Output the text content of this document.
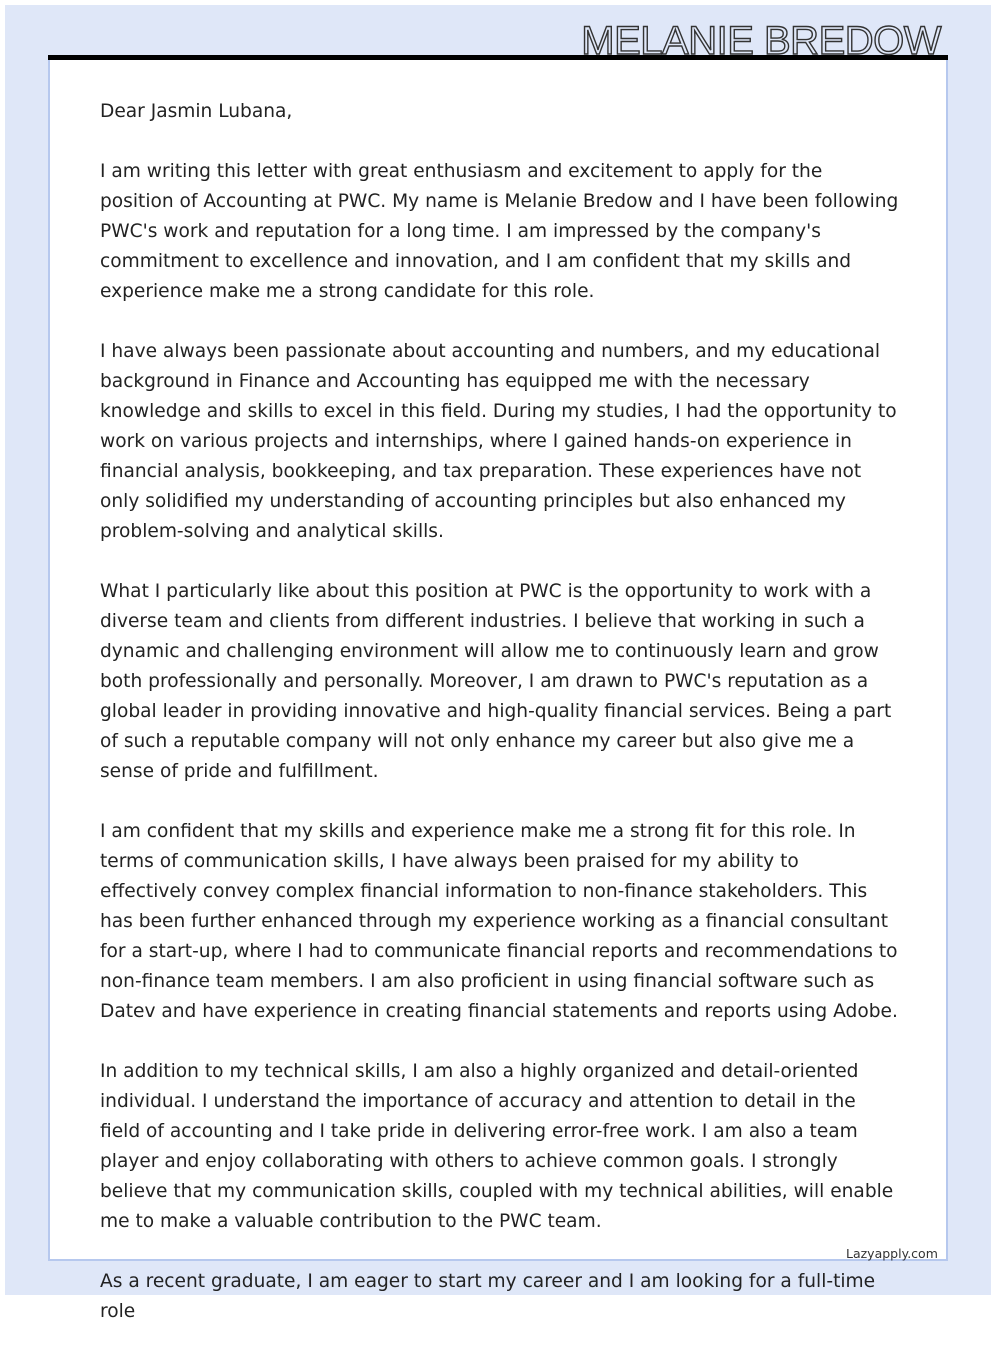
MELANIE BREDOW

Dear Jasmin Lubana,

I am writing this letter with great enthusiasm and excitement to apply for the position of Accounting at PWC. My name is Melanie Bredow and I have been following PWC's work and reputation for a long time. I am impressed by the company's commitment to excellence and innovation, and I am confident that my skills and experience make me a strong candidate for this role.

I have always been passionate about accounting and numbers, and my educational background in Finance and Accounting has equipped me with the necessary knowledge and skills to excel in this field. During my studies, I had the opportunity to work on various projects and internships, where I gained hands-on experience in financial analysis, bookkeeping, and tax preparation. These experiences have not only solidified my understanding of accounting principles but also enhanced my problem-solving and analytical skills.

What I particularly like about this position at PWC is the opportunity to work with a diverse team and clients from different industries. I believe that working in such a dynamic and challenging environment will allow me to continuously learn and grow both professionally and personally. Moreover, I am drawn to PWC's reputation as a global leader in providing innovative and high-quality financial services. Being a part of such a reputable company will not only enhance my career but also give me a sense of pride and fulfillment.

I am confident that my skills and experience make me a strong fit for this role. In terms of communication skills, I have always been praised for my ability to effectively convey complex financial information to non-finance stakeholders. This has been further enhanced through my experience working as a financial consultant for a start-up, where I had to communicate financial reports and recommendations to non-finance team members. I am also proficient in using financial software such as Datev and have experience in creating financial statements and reports using Adobe.

In addition to my technical skills, I am also a highly organized and detail-oriented individual. I understand the importance of accuracy and attention to detail in the field of accounting and I take pride in delivering error-free work. I am also a team player and enjoy collaborating with others to achieve common goals. I strongly believe that my communication skills, coupled with my technical abilities, will enable me to make a valuable contribution to the PWC team.

As a recent graduate, I am eager to start my career and I am looking for a full-time role

Lazyapply.com
